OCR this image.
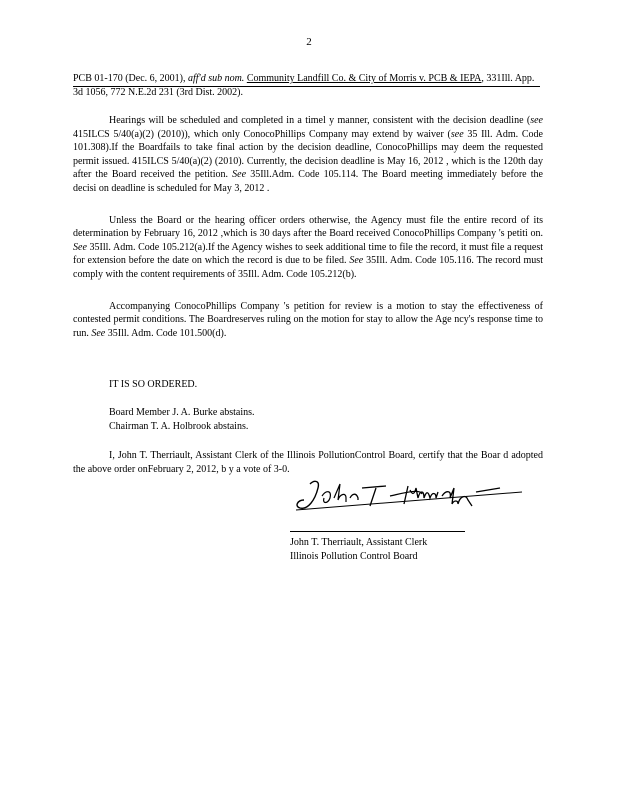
2
PCB 01-170 (Dec. 6, 2001), aff'd sub nom. Community Landfill Co. & City of Morris v. PCB & IEPA, 331Ill. App. 3d 1056, 772 N.E.2d 231 (3rd Dist. 2002).

Hearings will be scheduled and completed in a timel y manner, consistent with the decision deadline (see 415ILCS 5/40(a)(2) (2010)), which only ConocoPhillips Company may extend by waiver (see 35 Ill. Adm. Code 101.308).If the Boardfails to take final action by the decision deadline, ConocoPhillips may deem the requested permit issued. 415ILCS 5/40(a)(2) (2010). Currently, the decision deadline is May 16, 2012 , which is the 120th day after the Board received the petition. See 35Ill.Adm. Code 105.114. The Board meeting immediately before the decisi on deadline is scheduled for May 3, 2012 .

Unless the Board or the hearing officer orders otherwise, the Agency must file the entire record of its determination by February 16, 2012 ,which is 30 days after the Board received ConocoPhillips Company 's petiti on. See 35Ill. Adm. Code 105.212(a).If the Agency wishes to seek additional time to file the record, it must file a request for extension before the date on which the record is due to be filed. See 35Ill. Adm. Code 105.116. The record must comply with the content requirements of 35Ill. Adm. Code 105.212(b).

Accompanying ConocoPhillips Company 's petition for review is a motion to stay the effectiveness of contested permit conditions. The Boardreserves ruling on the motion for stay to allow the Age ncy's response time to run. See 35Ill. Adm. Code 101.500(d).

IT IS SO ORDERED.
Board Member J. A. Burke abstains.
Chairman T. A. Holbrook abstains.

I, John T. Therriault, Assistant Clerk of the Illinois PollutionControl Board, certify that the Boar d adopted the above order onFebruary 2, 2012, b y a vote of 3-0.

John T. Therriault, Assistant Clerk
Illinois Pollution Control Board
